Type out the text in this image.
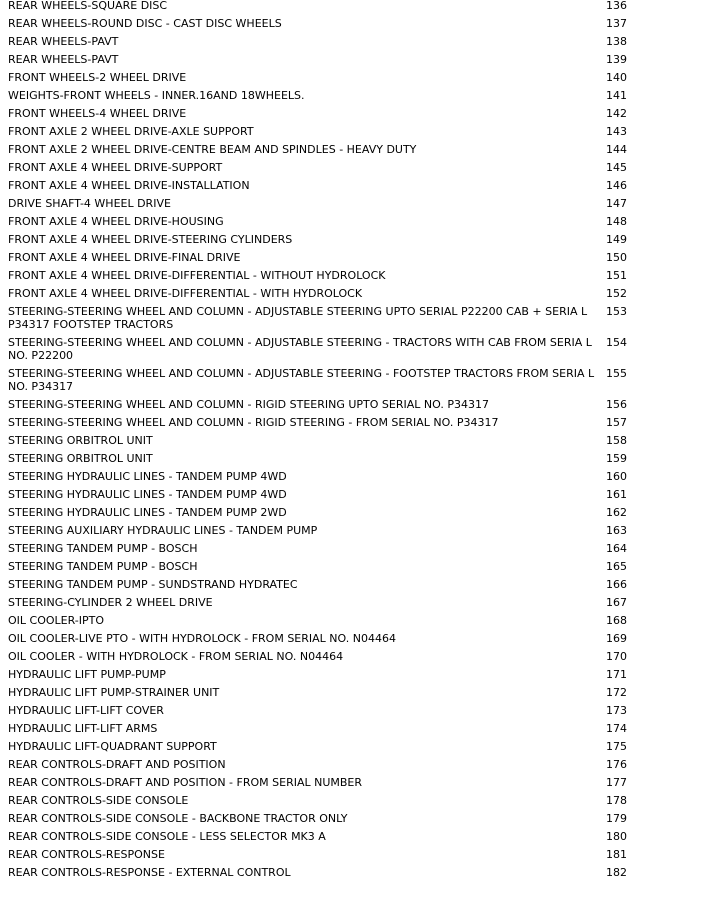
REAR WHEELS-SQUARE DISC	136
REAR WHEELS-ROUND DISC - CAST DISC WHEELS	137
REAR WHEELS-PAVT	138
REAR WHEELS-PAVT	139
FRONT WHEELS-2 WHEEL DRIVE	140
WEIGHTS-FRONT WHEELS - INNER.16AND 18WHEELS.	141
FRONT WHEELS-4 WHEEL DRIVE	142
FRONT AXLE 2 WHEEL DRIVE-AXLE SUPPORT	143
FRONT AXLE 2 WHEEL DRIVE-CENTRE BEAM AND SPINDLES - HEAVY DUTY	144
FRONT AXLE 4 WHEEL DRIVE-SUPPORT	145
FRONT AXLE 4 WHEEL DRIVE-INSTALLATION	146
DRIVE SHAFT-4 WHEEL DRIVE	147
FRONT AXLE 4 WHEEL DRIVE-HOUSING	148
FRONT AXLE 4 WHEEL DRIVE-STEERING CYLINDERS	149
FRONT AXLE 4 WHEEL DRIVE-FINAL DRIVE	150
FRONT AXLE 4 WHEEL DRIVE-DIFFERENTIAL - WITHOUT HYDROLOCK	151
FRONT AXLE 4 WHEEL DRIVE-DIFFERENTIAL - WITH HYDROLOCK	152
STEERING-STEERING WHEEL AND COLUMN - ADJUSTABLE STEERING UPTO SERIAL P22200 CAB + SERIA L P34317 FOOTSTEP TRACTORS	153
STEERING-STEERING WHEEL AND COLUMN - ADJUSTABLE STEERING - TRACTORS WITH CAB FROM SERIA L NO. P22200	154
STEERING-STEERING WHEEL AND COLUMN - ADJUSTABLE STEERING - FOOTSTEP TRACTORS FROM SERIA L NO. P34317	155
STEERING-STEERING WHEEL AND COLUMN - RIGID STEERING UPTO SERIAL NO. P34317	156
STEERING-STEERING WHEEL AND COLUMN - RIGID STEERING - FROM SERIAL NO. P34317	157
STEERING ORBITROL UNIT	158
STEERING ORBITROL UNIT	159
STEERING HYDRAULIC LINES - TANDEM PUMP 4WD	160
STEERING HYDRAULIC LINES - TANDEM PUMP 4WD	161
STEERING HYDRAULIC LINES - TANDEM PUMP 2WD	162
STEERING AUXILIARY HYDRAULIC LINES - TANDEM PUMP	163
STEERING TANDEM PUMP - BOSCH	164
STEERING TANDEM PUMP - BOSCH	165
STEERING TANDEM PUMP - SUNDSTRAND HYDRATEC	166
STEERING-CYLINDER 2 WHEEL DRIVE	167
OIL COOLER-IPTO	168
OIL COOLER-LIVE PTO - WITH HYDROLOCK - FROM SERIAL NO. N04464	169
OIL COOLER - WITH HYDROLOCK - FROM SERIAL NO. N04464	170
HYDRAULIC LIFT PUMP-PUMP	171
HYDRAULIC LIFT PUMP-STRAINER UNIT	172
HYDRAULIC LIFT-LIFT COVER	173
HYDRAULIC LIFT-LIFT ARMS	174
HYDRAULIC LIFT-QUADRANT SUPPORT	175
REAR CONTROLS-DRAFT AND POSITION	176
REAR CONTROLS-DRAFT AND POSITION - FROM SERIAL NUMBER	177
REAR CONTROLS-SIDE CONSOLE	178
REAR CONTROLS-SIDE CONSOLE - BACKBONE TRACTOR ONLY	179
REAR CONTROLS-SIDE CONSOLE - LESS SELECTOR MK3 A	180
REAR CONTROLS-RESPONSE	181
REAR CONTROLS-RESPONSE - EXTERNAL CONTROL	182
